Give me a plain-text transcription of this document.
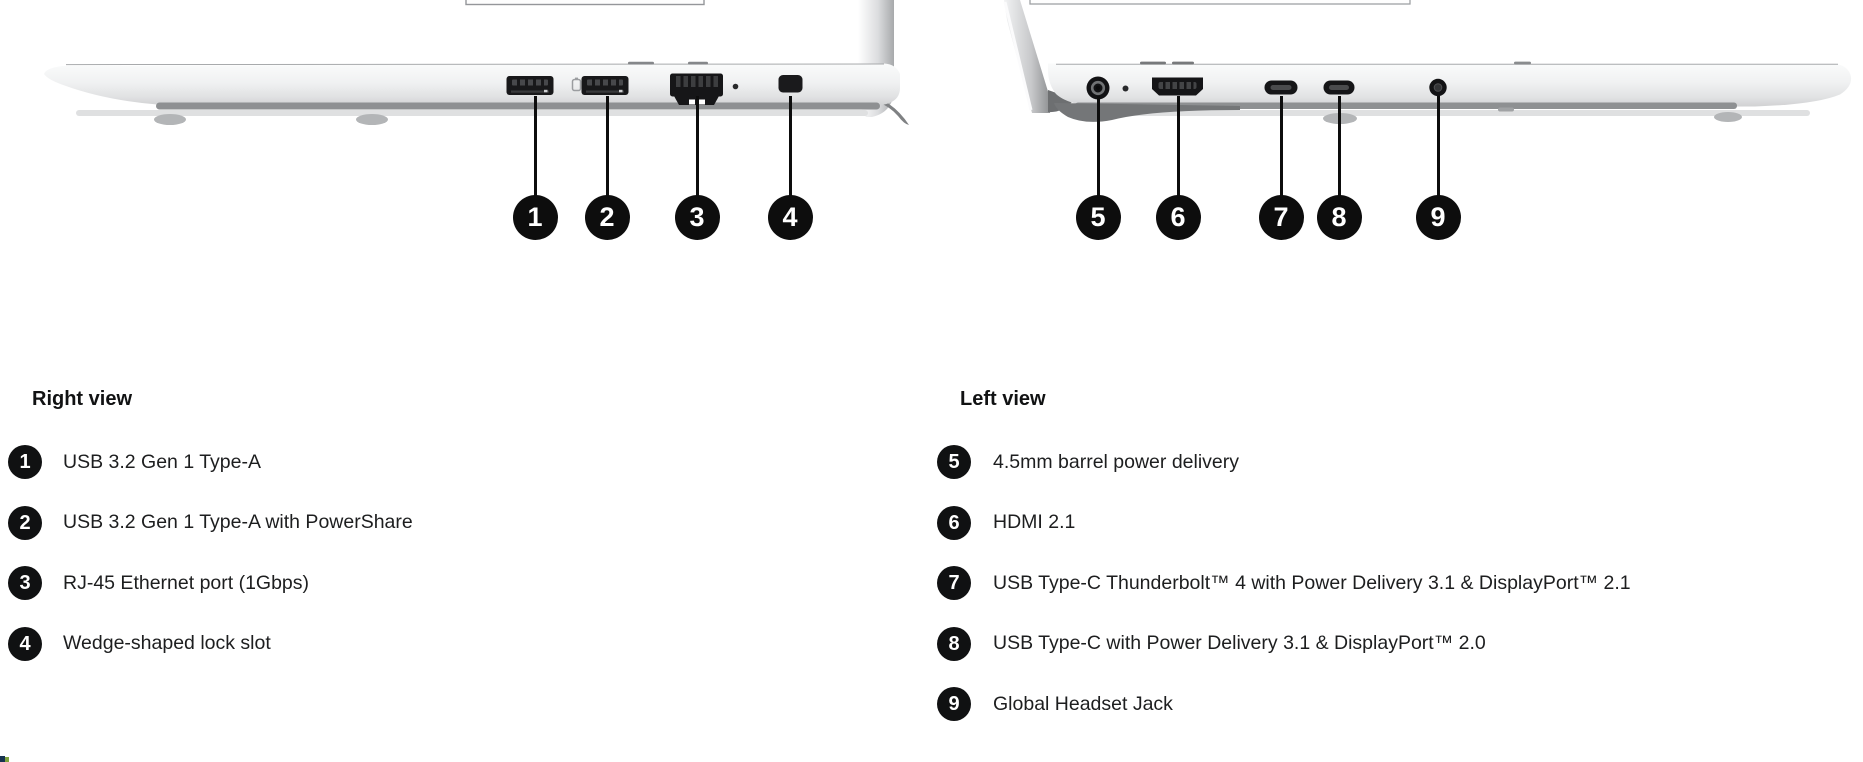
1	2	3	4	5	6	7	8	9
Right view
1	USB 3.2 Gen 1 Type-A
2	USB 3.2 Gen 1 Type-A with PowerShare
3	RJ-45 Ethernet port (1Gbps)
4	Wedge-shaped lock slot
Left view
5	4.5mm barrel power delivery
6	HDMI 2.1
7	USB Type-C Thunderbolt™ 4 with Power Delivery 3.1 & DisplayPort™ 2.1
8	USB Type-C with Power Delivery 3.1 & DisplayPort™ 2.0
9	Global Headset Jack
